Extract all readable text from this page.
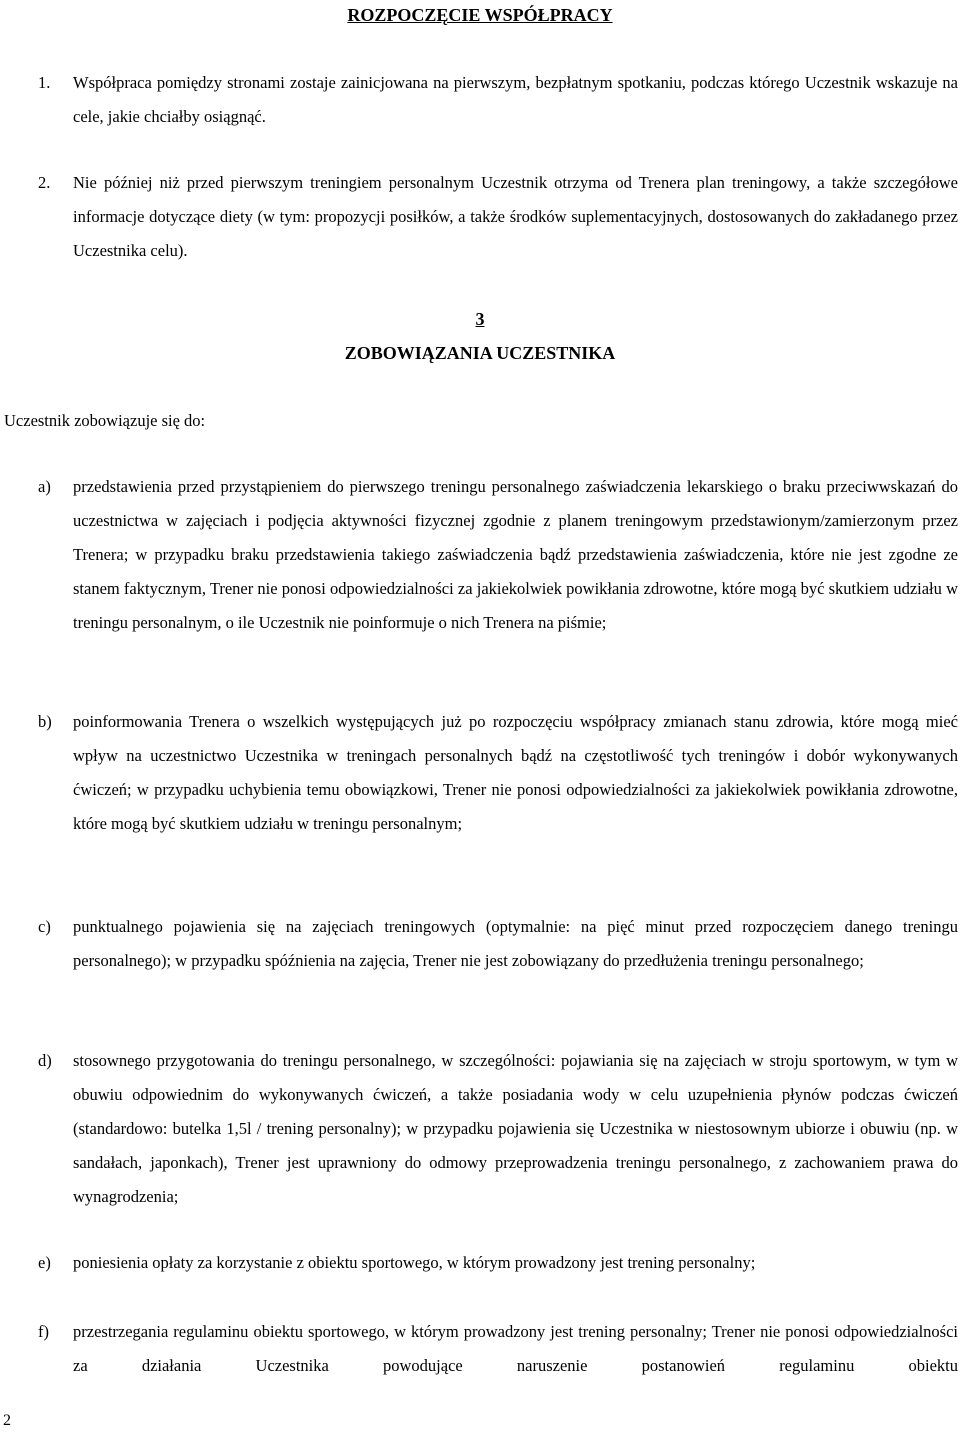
ROZPOCZĘCIE WSPÓŁPRACY
1. Współpraca pomiędzy stronami zostaje zainicjowana na pierwszym, bezpłatnym spotkaniu, podczas którego Uczestnik wskazuje na cele, jakie chciałby osiągnąć.
2. Nie później niż przed pierwszym treningiem personalnym Uczestnik otrzyma od Trenera plan treningowy, a także szczegółowe informacje dotyczące diety (w tym: propozycji posiłków, a także środków suplementacyjnych, dostosowanych do zakładanego przez Uczestnika celu).
3
ZOBOWIĄZANIA UCZESTNIKA
Uczestnik zobowiązuje się do:
a) przedstawienia przed przystąpieniem do pierwszego treningu personalnego zaświadczenia lekarskiego o braku przeciwwskazań do uczestnictwa w zajęciach i podjęcia aktywności fizycznej zgodnie z planem treningowym przedstawionym/zamierzonym przez Trenera; w przypadku braku przedstawienia takiego zaświadczenia bądź przedstawienia zaświadczenia, które nie jest zgodne ze stanem faktycznym, Trener nie ponosi odpowiedzialności za jakiekolwiek powikłania zdrowotne, które mogą być skutkiem udziału w treningu personalnym, o ile Uczestnik nie poinformuje o nich Trenera na piśmie;
b) poinformowania Trenera o wszelkich występujących już po rozpoczęciu współpracy zmianach stanu zdrowia, które mogą mieć wpływ na uczestnictwo Uczestnika w treningach personalnych bądź na częstotliwość tych treningów i dobór wykonywanych ćwiczeń; w przypadku uchybienia temu obowiązkowi, Trener nie ponosi odpowiedzialności za jakiekolwiek powikłania zdrowotne, które mogą być skutkiem udziału w treningu personalnym;
c) punktualnego pojawienia się na zajęciach treningowych (optymalnie: na pięć minut przed rozpoczęciem danego treningu personalnego); w przypadku spóźnienia na zajęcia, Trener nie jest zobowiązany do przedłużenia treningu personalnego;
d) stosownego przygotowania do treningu personalnego, w szczególności: pojawiania się na zajęciach w stroju sportowym, w tym w obuwiu odpowiednim do wykonywanych ćwiczeń, a także posiadania wody w celu uzupełnienia płynów podczas ćwiczeń (standardowo: butelka 1,5l / trening personalny); w przypadku pojawienia się Uczestnika w niestosownym ubiorze i obuwiu (np. w sandałach, japonkach), Trener jest uprawniony do odmowy przeprowadzenia treningu personalnego, z zachowaniem prawa do wynagrodzenia;
e) poniesienia opłaty za korzystanie z obiektu sportowego, w którym prowadzony jest trening personalny;
f) przestrzegania regulaminu obiektu sportowego, w którym prowadzony jest trening personalny; Trener nie ponosi odpowiedzialności za działania Uczestnika powodujące naruszenie postanowień regulaminu obiektu
2
